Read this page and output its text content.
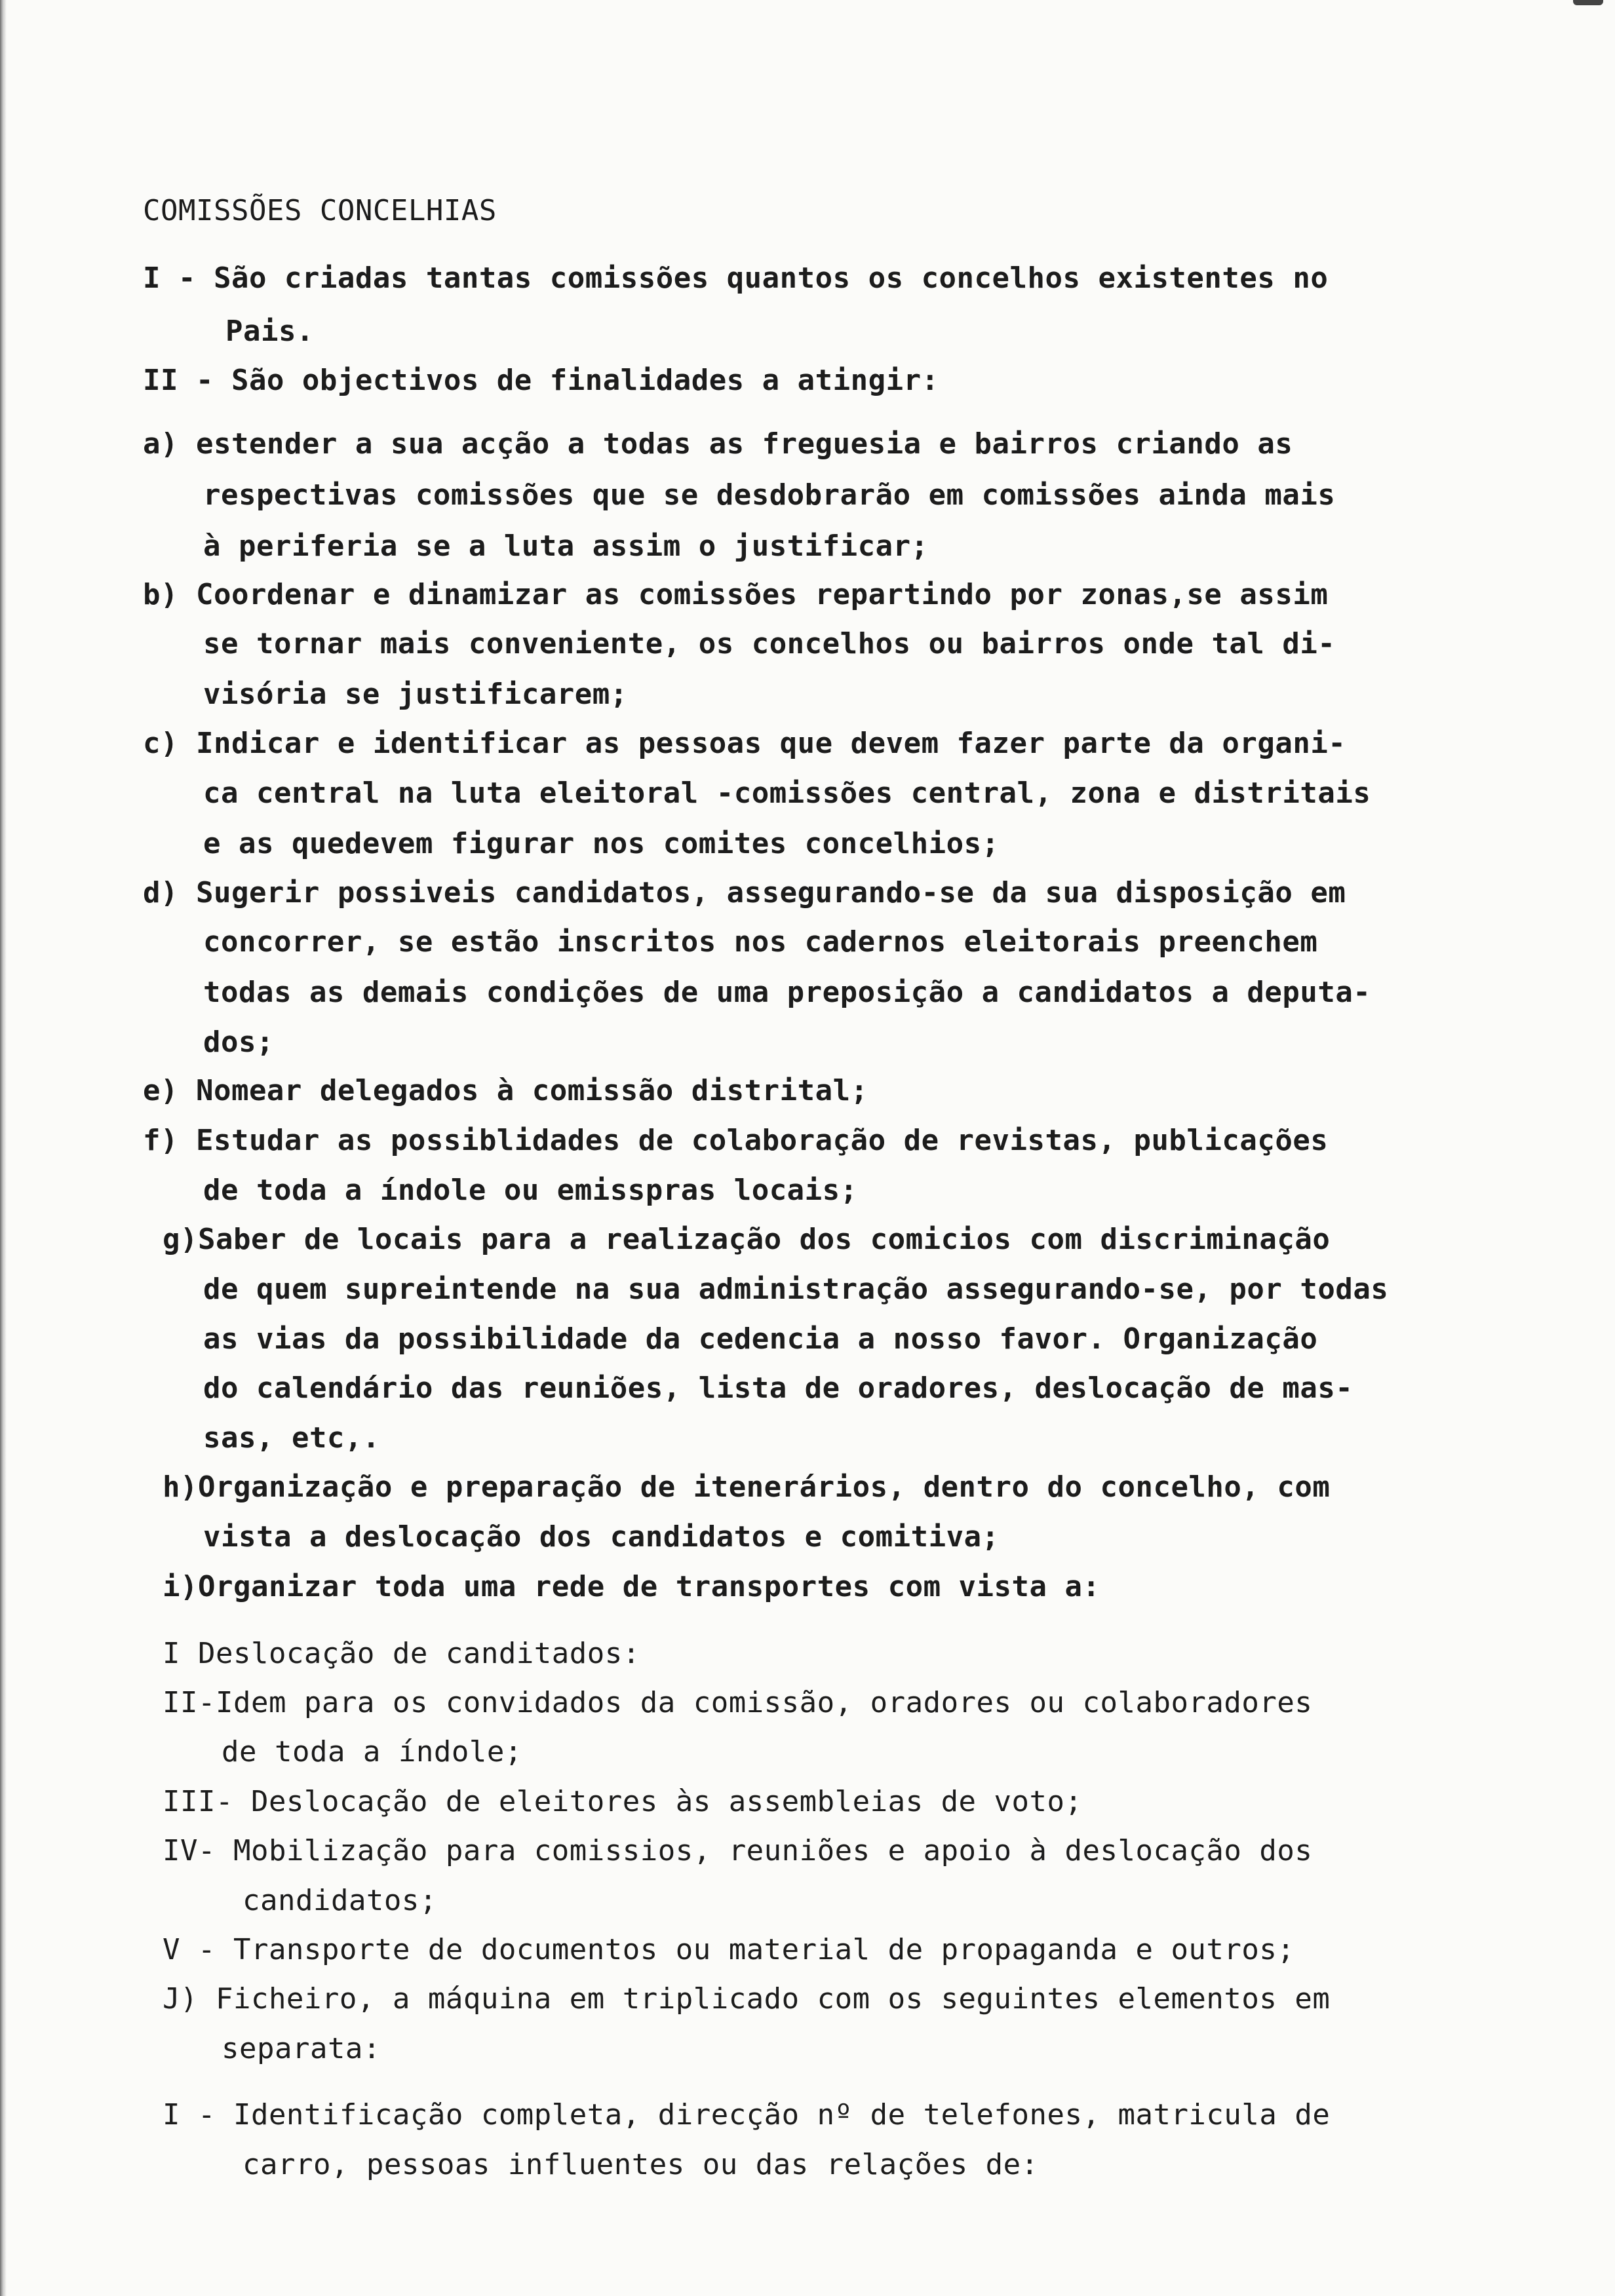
COMISSÕES CONCELHIAS
I - São criadas tantas comissões quantos os concelhos existentes no
Pais.
II - São objectivos de finalidades a atingir:
a) estender a sua acção a todas as freguesia e bairros criando as
respectivas comissões que se desdobrarão em comissões ainda mais
à periferia se a luta assim o justificar;
b) Coordenar e dinamizar as comissões repartindo por zonas,se assim
se tornar mais conveniente, os concelhos ou bairros onde tal di-
visória se justificarem;
c) Indicar e identificar as pessoas que devem fazer parte da organi-
ca central na luta eleitoral -comissões central, zona e distritais
e as quedevem figurar nos comites concelhios;
d) Sugerir possiveis candidatos, assegurando-se da sua disposição em
concorrer, se estão inscritos nos cadernos eleitorais preenchem
todas as demais condições de uma preposição a candidatos a deputa-
dos;
e) Nomear delegados à comissão distrital;
f) Estudar as possiblidades de colaboração de revistas, publicações
de toda a índole ou emisspras locais;
g)Saber de locais para a realização dos comicios com discriminação
de quem supreintende na sua administração assegurando-se, por todas
as vias da possibilidade da cedencia a nosso favor. Organização
do calendário das reuniões, lista de oradores, deslocação de mas-
sas, etc,.
h)Organização e preparação de itenerários, dentro do concelho, com
vista a deslocação dos candidatos e comitiva;
i)Organizar toda uma rede de transportes com vista a:
I Deslocação de canditados:
II-Idem para os convidados da comissão, oradores ou colaboradores
de toda a índole;
III- Deslocação de eleitores às assembleias de voto;
IV- Mobilização para comissios, reuniões e apoio à deslocação dos
candidatos;
V - Transporte de documentos ou material de propaganda e outros;
J) Ficheiro, a máquina em triplicado com os seguintes elementos em
separata:
I - Identificação completa, direcção nº de telefones, matricula de
carro, pessoas influentes ou das relações de:
